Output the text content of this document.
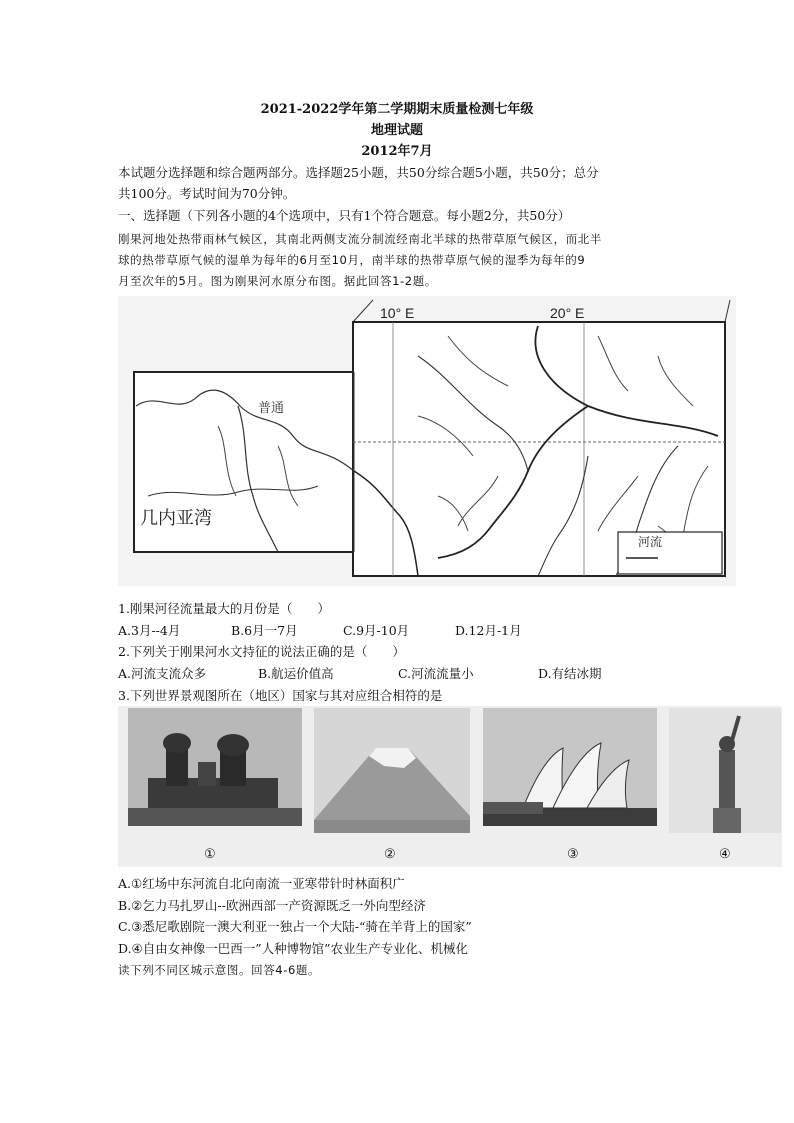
2021-2022学年第二学期期末质量检测七年级
地理试题
2012年7月
本试题分选择题和综合题两部分。选择题25小题，共50分综合题5小题，共50分；总分
共100分。考试时间为70分钟。
一、选择题（下列各小题的4个选项中，只有1个符合题意。每小题2分，共50分）
刚果河地处热带雨林气候区，其南北两侧支流分制流经南北半球的热带草原气候区，而北半
球的热带草原气候的湿单为每年的6月至10月，南半球的热带草原气候的湿季为每年的9
月至次年的5月。图为刚果河水原分布图。据此回答1-2题。
10° E	20° E
普通
几内亚湾
河流
1.刚果河径流量最大的月份是（　　）
A.3月--4月	B.6月一7月	C.9月-10月	D.12月-1月
2.下列关于刚果河水文持征的说法正确的是（　　）
A.河流支流众多	B.航运价值高	C.河流流量小	D.有结冰期
3.下列世界景观图所在（地区）国家与其对应组合相符的是
①	②	③	④
A.①红场中东河流自北向南流一亚寒带针时林面积广
B.②乞力马扎罗山--欧洲西部一产资源既乏一外向型经济
C.③悉尼歌剧院一澳大利亚一独占一个大陆-“骑在羊背上的国家”
D.④自由女神像一巴西一”人种博物馆”农业生产专业化、机械化
读下列不同区城示意图。回答4-6题。
